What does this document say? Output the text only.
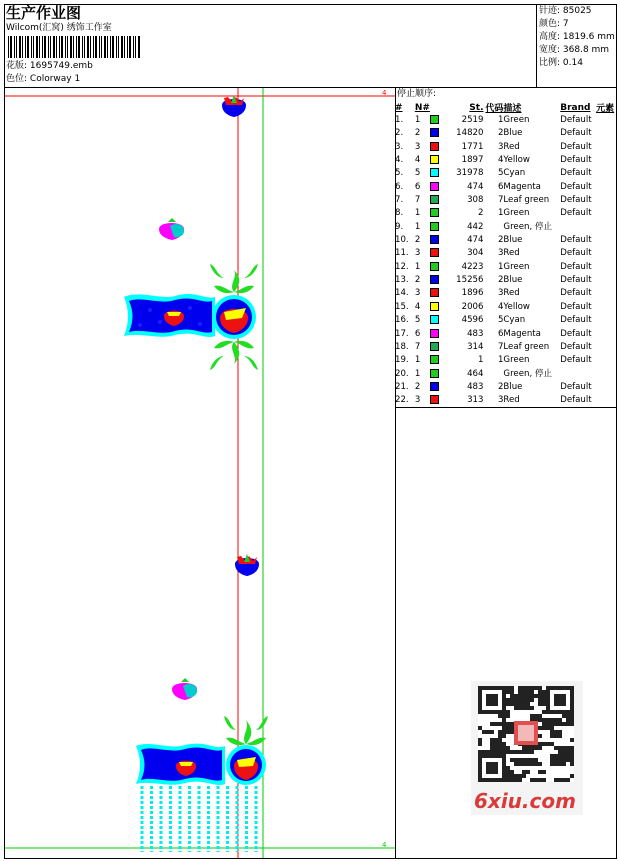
生产作业图
Wilcom(汇窝) 绣饰工作室
花版: 1695749.emb
色位: Colorway 1
针迹: 85025
颜色: 7
高度: 1819.6 mm
宽度: 368.8 mm
比例: 0.14
停止顺序:
#	N#		St.	代码	描述	Brand	元素
1.	1		2519	1	Green	Default	
2.	2		14820	2	Blue	Default	
3.	3		1771	3	Red	Default	
4.	4		1897	4	Yellow	Default	
5.	5		31978	5	Cyan	Default	
6.	6		474	6	Magenta	Default	
7.	7		308	7	Leaf green	Default	
8.	1		2	1	Green	Default	
9.	1		442		Green, 停止		
10.	2		474	2	Blue	Default	
11.	3		304	3	Red	Default	
12.	1		4223	1	Green	Default	
13.	2		15256	2	Blue	Default	
14.	3		1896	3	Red	Default	
15.	4		2006	4	Yellow	Default	
16.	5		4596	5	Cyan	Default	
17.	6		483	6	Magenta	Default	
18.	7		314	7	Leaf green	Default	
19.	1		1	1	Green	Default	
20.	1		464		Green, 停止		
21.	2		483	2	Blue	Default	
22.	3		313	3	Red	Default	
4
4
6xiu.com
